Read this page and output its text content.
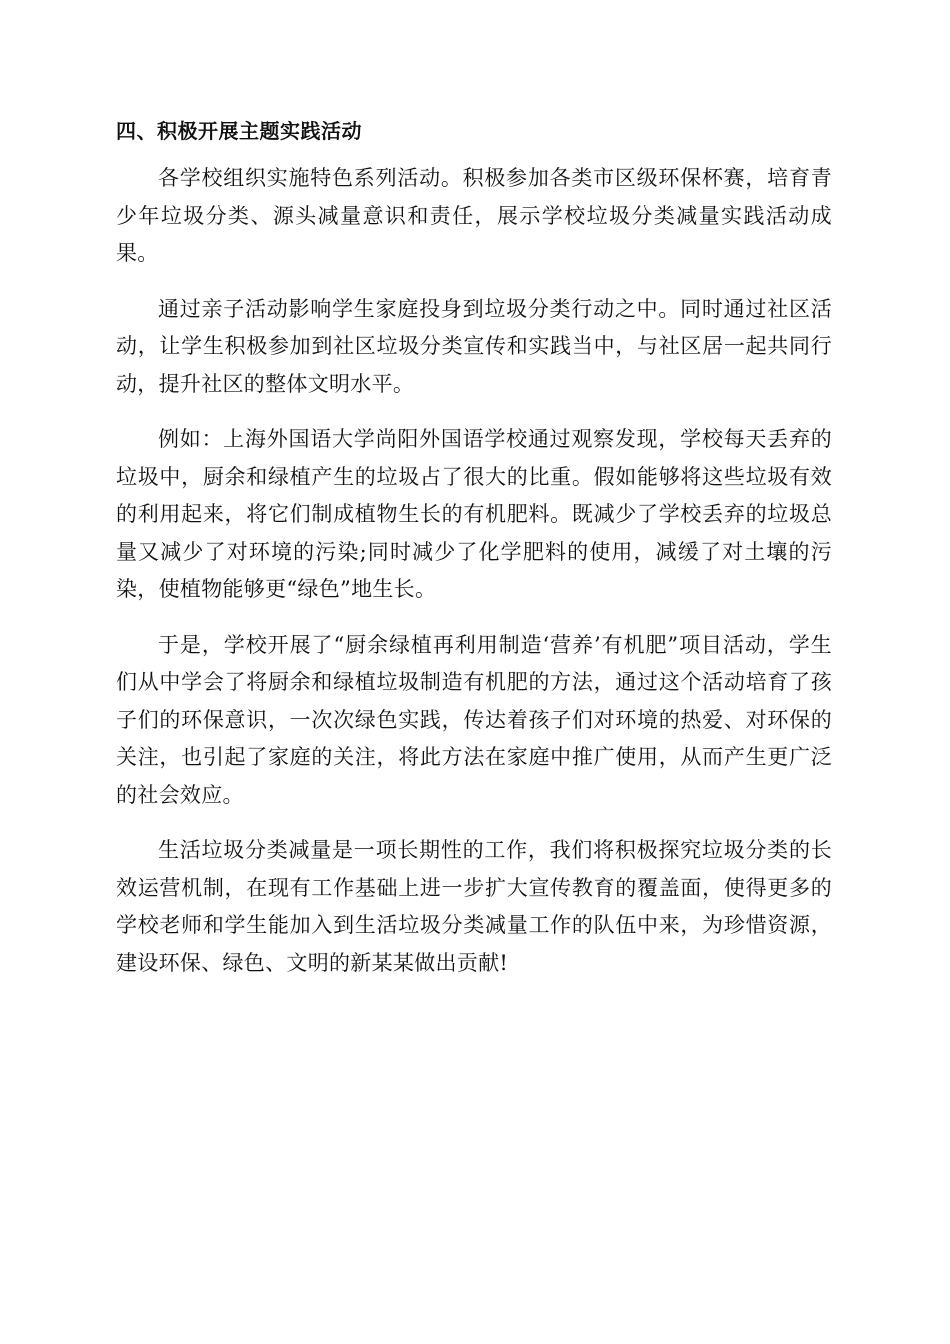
四、积极开展主题实践活动

各学校组织实施特色系列活动。积极参加各类市区级环保杯赛，培育青少年垃圾分类、源头减量意识和责任，展示学校垃圾分类减量实践活动成果。

通过亲子活动影响学生家庭投身到垃圾分类行动之中。同时通过社区活动，让学生积极参加到社区垃圾分类宣传和实践当中，与社区居一起共同行动，提升社区的整体文明水平。

例如：上海外国语大学尚阳外国语学校通过观察发现，学校每天丢弃的垃圾中，厨余和绿植产生的垃圾占了很大的比重。假如能够将这些垃圾有效的利用起来，将它们制成植物生长的有机肥料。既减少了学校丢弃的垃圾总量又减少了对环境的污染;同时减少了化学肥料的使用，减缓了对土壤的污染，使植物能够更“绿色”地生长。

于是，学校开展了“厨余绿植再利用制造‘营养’有机肥”项目活动，学生们从中学会了将厨余和绿植垃圾制造有机肥的方法，通过这个活动培育了孩子们的环保意识，一次次绿色实践，传达着孩子们对环境的热爱、对环保的关注，也引起了家庭的关注，将此方法在家庭中推广使用，从而产生更广泛的社会效应。

生活垃圾分类减量是一项长期性的工作，我们将积极探究垃圾分类的长效运营机制，在现有工作基础上进一步扩大宣传教育的覆盖面，使得更多的学校老师和学生能加入到生活垃圾分类减量工作的队伍中来，为珍惜资源，建设环保、绿色、文明的新某某做出贡献!
